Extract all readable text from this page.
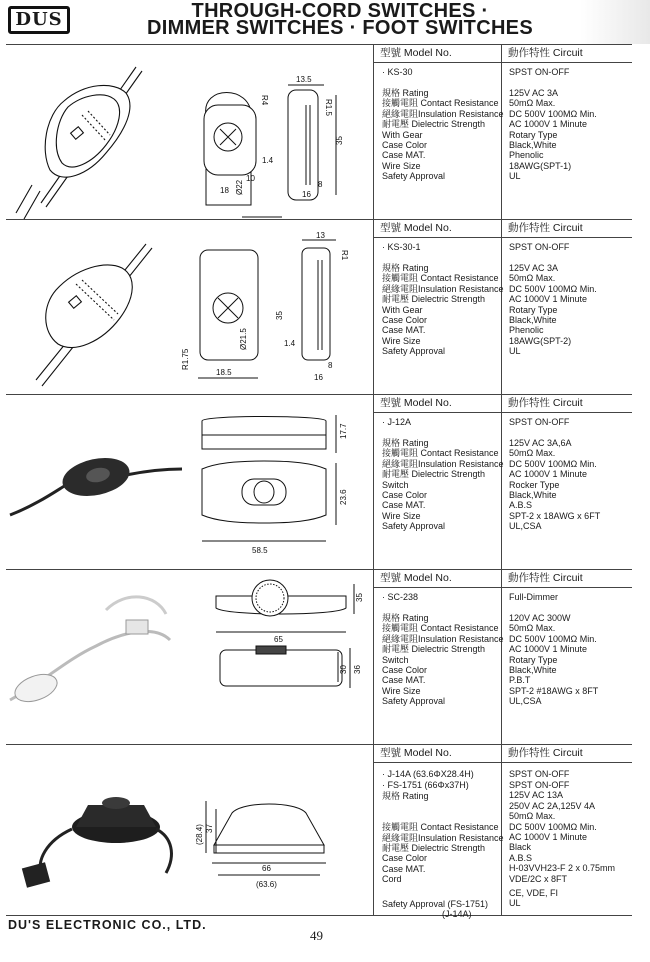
DUS	THROUGH-CORD SWITCHES ·
DIMMER SWITCHES · FOOT SWITCHES
13.5
R4	R1.5
Ø22
35
1.4
10
18
8
16
型號 Model No.
· KS-30
規格 Rating
接觸電阻 Contact Resistance
絕緣電阻Insulation Resistance
耐電壓 Dielectric Strength
With Gear
Case Color
Case MAT.
Wire Size
Safety Approval
動作特性 Circuit
SPST ON-OFF
125V AC 3A
50mΩ Max.
DC 500V 100MΩ Min.
AC 1000V 1 Minute
Rotary Type
Black,White
Phenolic
18AWG(SPT-1)
UL
13
R1
Ø21.5
35
1.4
R1.75
18.5
8
16
型號 Model No.
· KS-30-1
規格 Rating
接觸電阻 Contact Resistance
絕緣電阻Insulation Resistance
耐電壓 Dielectric Strength
With Gear
Case Color
Case MAT.
Wire Size
Safety Approval
動作特性 Circuit
SPST ON-OFF
125V AC 3A
50mΩ Max.
DC 500V 100MΩ Min.
AC 1000V 1 Minute
Rotary Type
Black,White
Phenolic
18AWG(SPT-2)
UL
17.7
23.6
58.5
型號 Model No.
· J-12A
規格 Rating
接觸電阻 Contact Resistance
絕緣電阻Insulation Resistance
耐電壓 Dielectric Strength
Switch
Case Color
Case MAT.
Wire Size
Safety Approval
動作特性 Circuit
SPST ON-OFF
125V AC 3A,6A
50mΩ Max.
DC 500V 100MΩ Min.
AC 1000V 1 Minute
Rocker Type
Black,White
A.B.S
SPT-2 x 18AWG x 6FT
UL,CSA
35
65
36
30
型號 Model No.
· SC-238
規格 Rating
接觸電阻 Contact Resistance
絕緣電阻Insulation Resistance
耐電壓 Dielectric Strength
Switch
Case Color
Case MAT.
Wire Size
Safety Approval
動作特性 Circuit
Full-Dimmer
120V AC 300W
50mΩ Max.
DC 500V 100MΩ Min.
AC 1000V 1 Minute
Rotary Type
Black,White
P.B.T
SPT-2 #18AWG x 8FT
UL,CSA
(28.4) 37
66
(63.6)
型號 Model No.
· J-14A (63.6ΦX28.4H)
· FS-1751 (66Φx37H)
規格 Rating
接觸電阻 Contact Resistance
絕緣電阻Insulation Resistance
耐電壓 Dielectric Strength
Case Color
Case MAT.
Cord
Safety Approval (FS-1751)
(J-14A)
動作特性 Circuit
SPST ON-OFF
SPST ON-OFF
125V AC 13A
250V AC 2A,125V 4A
50mΩ Max.
DC 500V 100MΩ Min.
AC 1000V 1 Minute
Black
A.B.S
H-03VVH23-F 2 x 0.75mm
VDE/2C x 8FT
CE, VDE, FI
UL
DU'S ELECTRONIC CO., LTD.
49
